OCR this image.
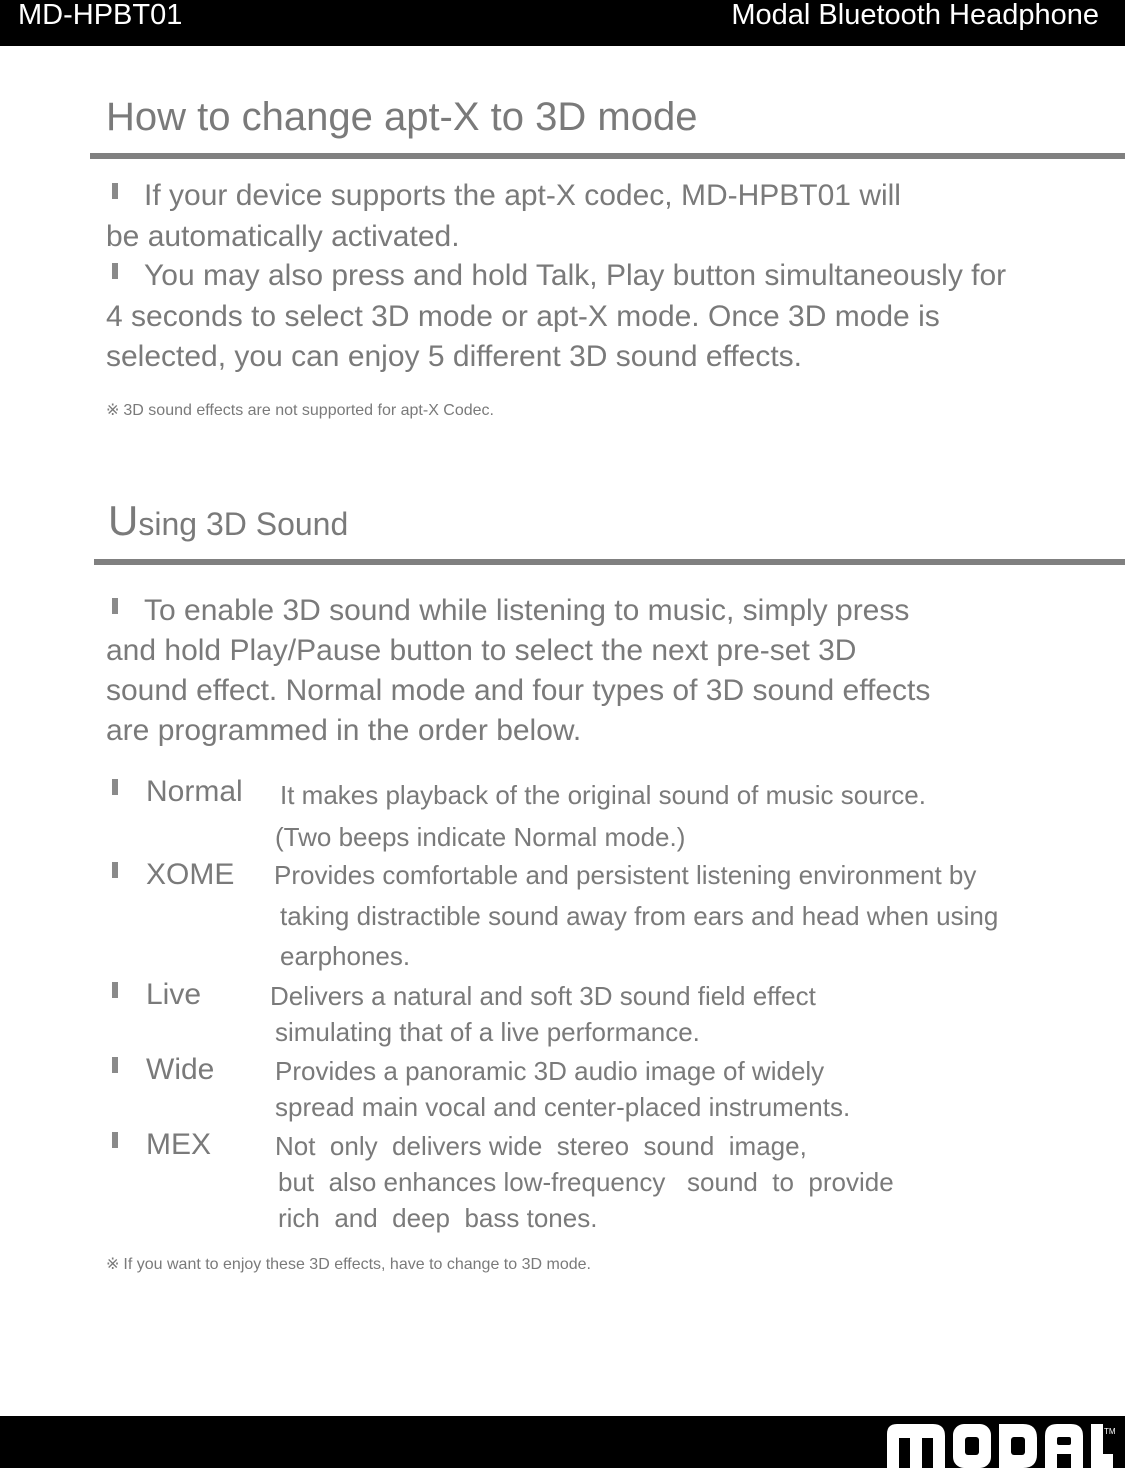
MD-HPBT01	Modal Bluetooth Headphone
How to change apt-X to 3D mode
If your device supports the apt-X codec, MD-HPBT01 will
be automatically activated.
You may also press and hold Talk, Play button simultaneously for
4 seconds to select 3D mode or apt-X mode. Once 3D mode is
selected, you can enjoy 5 different 3D sound effects.
※ 3D sound effects are not supported for apt-X Codec.
Using 3D Sound
To enable 3D sound while listening to music, simply press
and hold Play/Pause button to select the next pre-set 3D
sound effect. Normal mode and four types of 3D sound effects
are programmed in the order below.
Normal It makes playback of the original sound of music source.
(Two beeps indicate Normal mode.)
XOME Provides comfortable and persistent listening environment by
taking distractible sound away from ears and head when using
earphones.
Live	Delivers a natural and soft 3D sound field effect
simulating that of a live performance.
Wide Provides a panoramic 3D audio image of widely
spread main vocal and center-placed instruments.
MEX Not  only  delivers wide  stereo  sound  image,
but  also enhances low-frequency   sound  to  provide
rich  and  deep  bass tones.
※ If you want to enjoy these 3D effects, have to change to 3D mode.
TM
